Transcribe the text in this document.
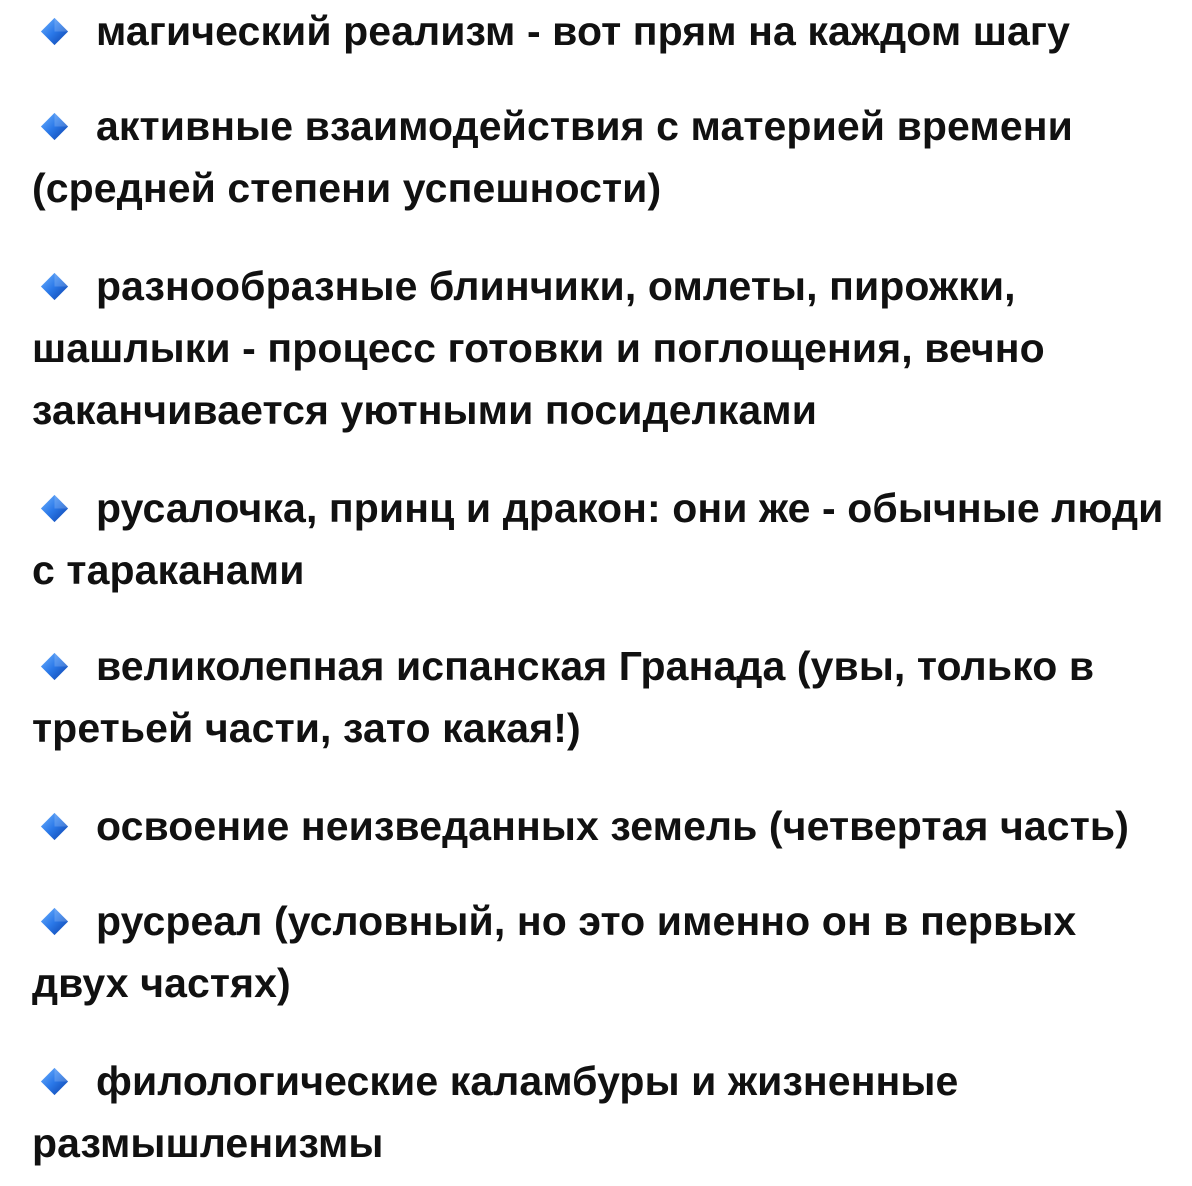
магический реализм - вот прям на каждом шагу

активные взаимодействия с материей времени (средней степени успешности)

разнообразные блинчики, омлеты, пирожки, шашлыки - процесс готовки и поглощения, вечно заканчивается уютными посиделками

русалочка, принц и дракон: они же - обычные люди с тараканами

великолепная испанская Гранада (увы, только в третьей части, зато какая!)

освоение неизведанных земель (четвертая часть)

русреал (условный, но это именно он в первых двух частях)

филологические каламбуры и жизненные размышленизмы
